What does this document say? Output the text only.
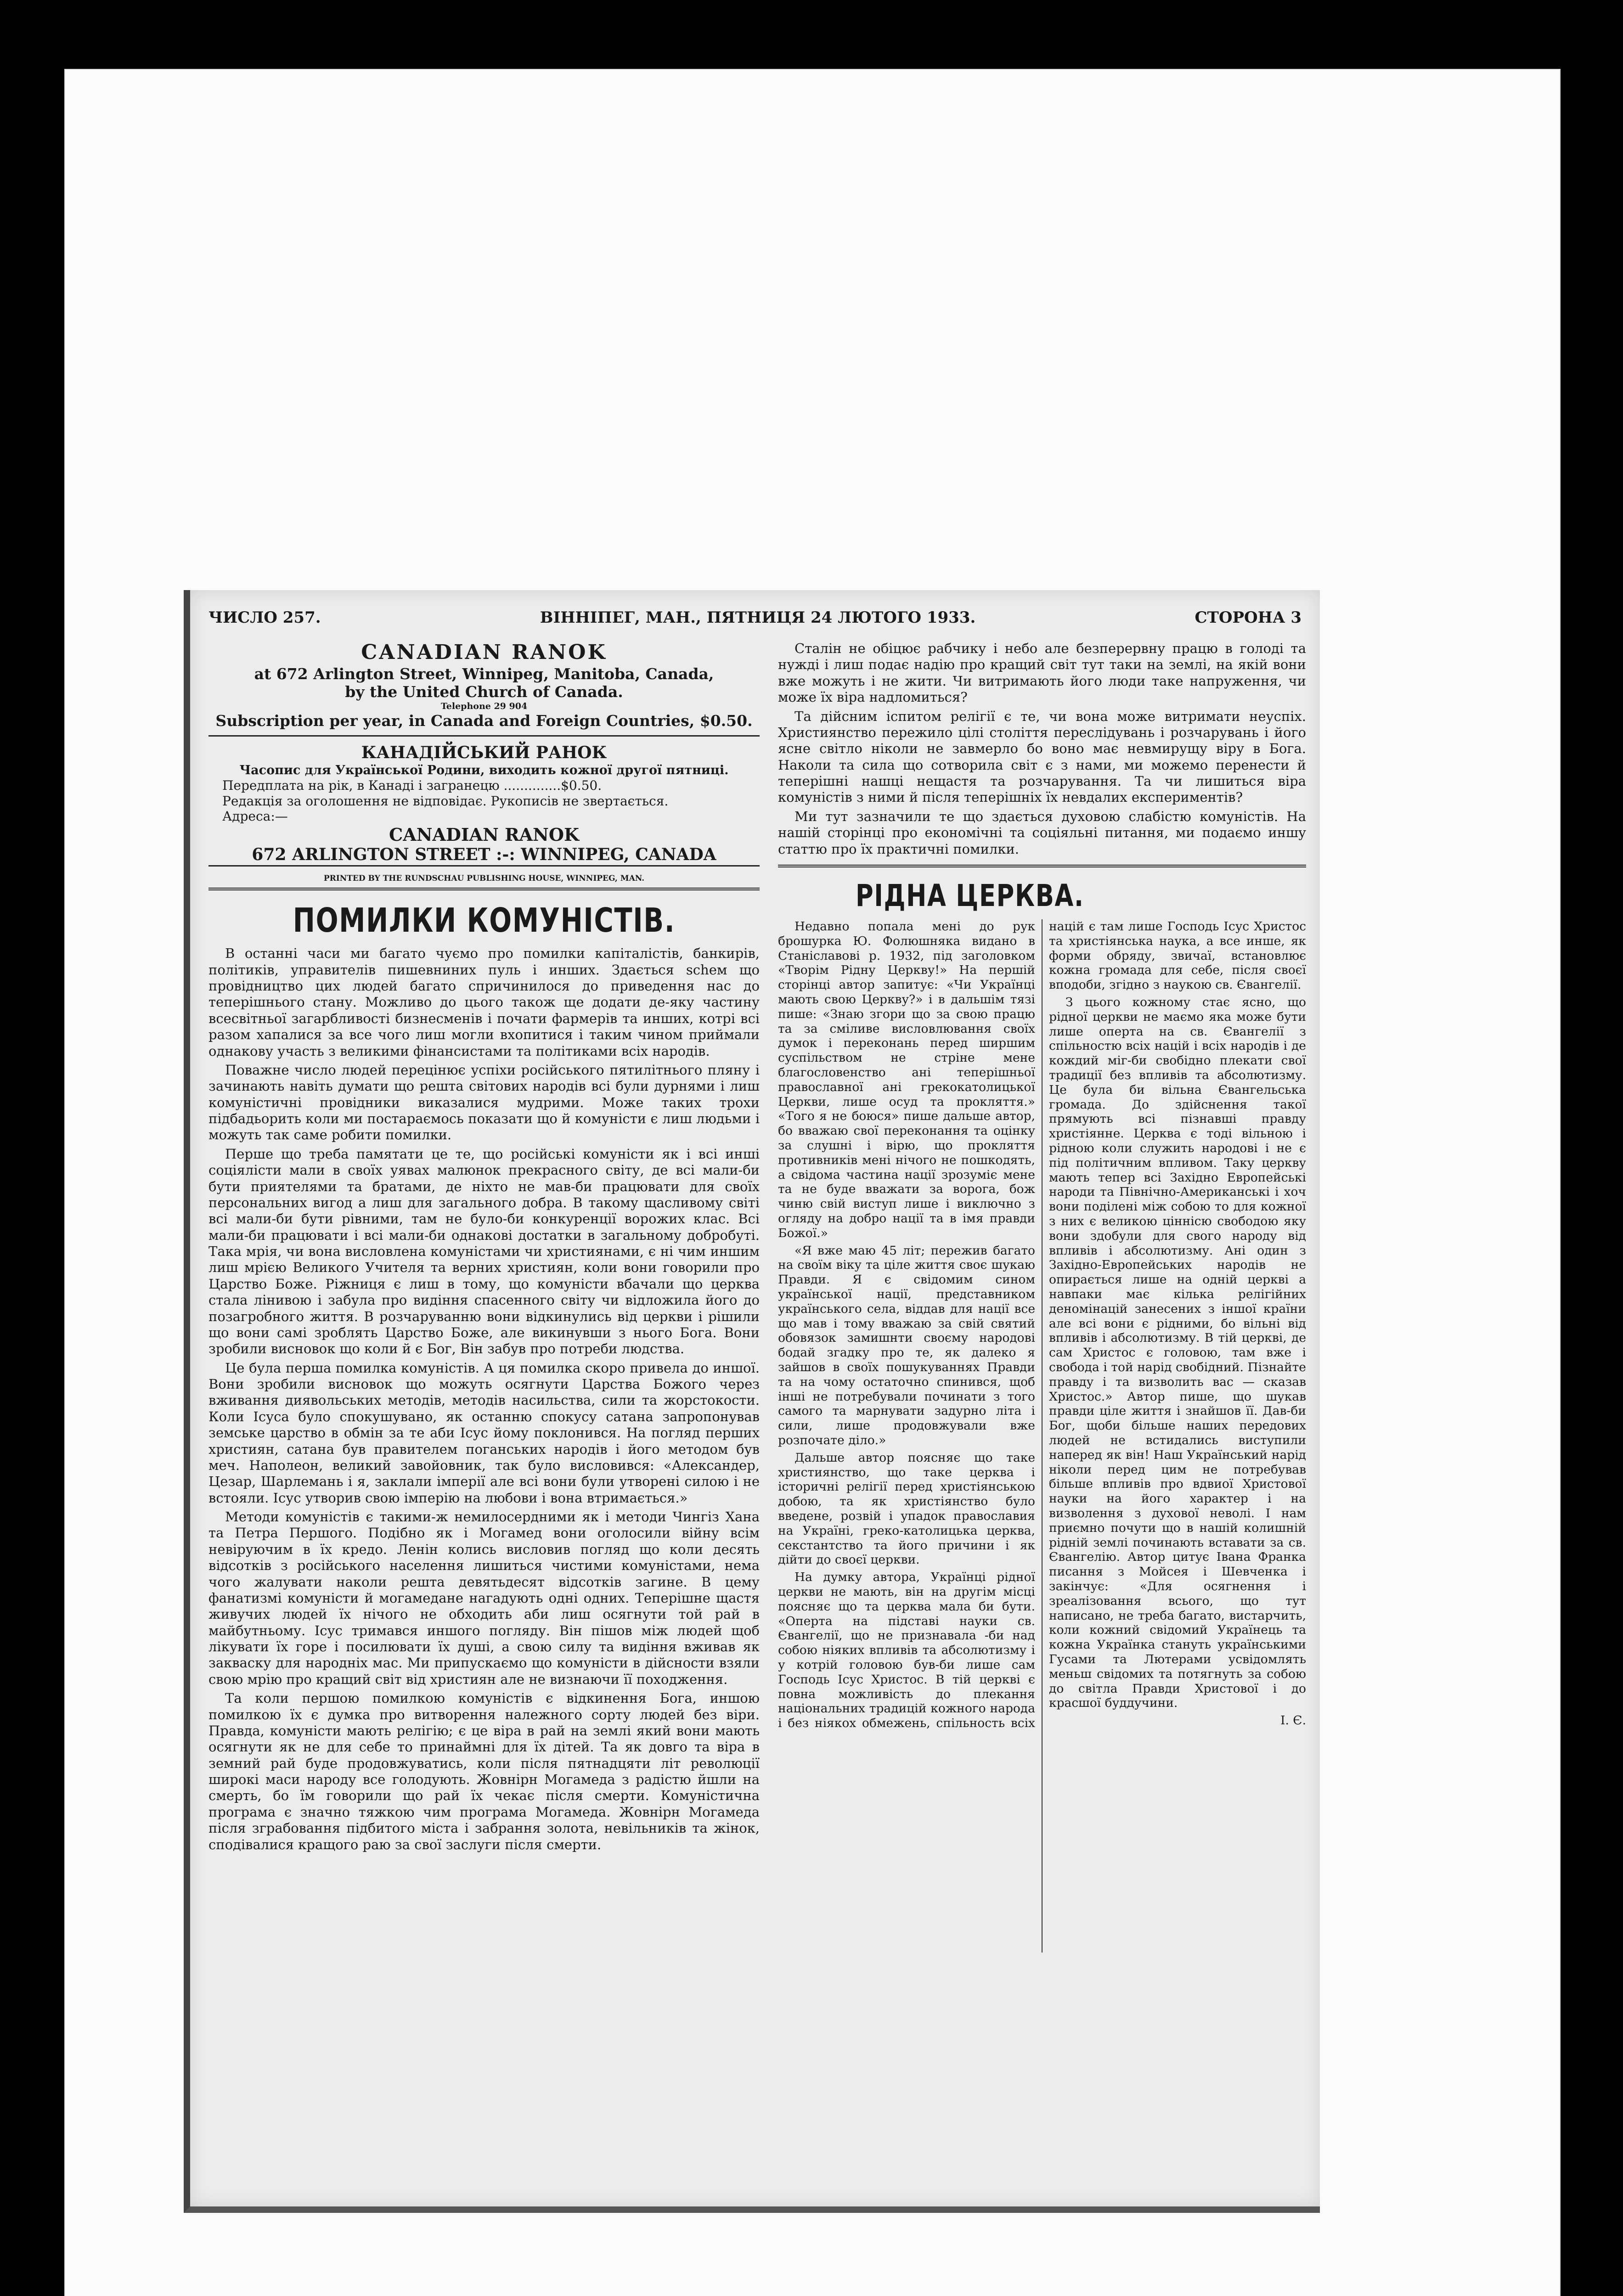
ЧИСЛО 257.	ВІННІПЕГ, МАН., ПЯТНИЦЯ 24 ЛЮТОГО 1933.	СТОРОНА 3
CANADIAN RANOK
at 672 Arlington Street, Winnipeg, Manitoba, Canada,
by the United Church of Canada.
Telephone 29 904
Subscription per year, in Canada and Foreign Countries, $0.50.
КАНАДІЙСЬКИЙ РАНОК
Часопис для Української Родини, виходить кожної другої пятниці.
Передплата на рік, в Канаді і загранецю ..............$0.50.
Редакція за оголошення не відповідає. Рукописів не звертається.
Адреса:—
CANADIAN RANOK
672 ARLINGTON STREET :-: WINNIPEG, CANADA
PRINTED BY THE RUNDSCHAU PUBLISHING HOUSE, WINNIPEG, MAN.
ПОМИЛКИ КОМУНІСТІВ.

В останні часи ми багато чуємо про помилки капіталістів, банкирів, політиків, управителів пишевниних пуль і инших. Здається scheм що провідництво цих людей багато спричинилося до приведення нас до теперішнього стану. Можливо до цього також ще додати де-яку частину всесвітньої загарбливості бизнесменів і почати фармерів та инших, котрі всі разом хапалися за все чого лиш могли вхопитися і таким чином приймали однакову участь з великими фінансистами та політиками всіх народів.

Поважне число людей перецінює успіхи російського пятилітнього пляну і зачинають навіть думати що решта світових народів всі були дурнями і лиш комуністичні провідники виказалися мудрими. Може таких трохи підбадьорить коли ми постараємось показати що й комуністи є лиш людьми і можуть так саме робити помилки.

Перше що треба памятати це те, що російські комуністи як і всі инші соціялісти мали в своїх уявах малюнок прекрасного світу, де всі мали-би бути приятелями та братами, де ніхто не мав-би працювати для своїх персональних вигод а лиш для загального добра. В такому щасливому світі всі мали-би бути рівними, там не було-би конкуренції ворожих клас. Всі мали-би працювати і всі мали-би однакові достатки в загальному добробуті. Така мрія, чи вона висловлена комуністами чи християнами, є ні чим иншим лиш мрією Великого Учителя та верних християн, коли вони говорили про Царство Боже. Ріжниця є лиш в тому, що комуністи вбачали що церква стала лінивою і забула про видіння спасенного світу чи відложила його до позагробного життя. В розчаруванню вони відкинулись від церкви і рішили що вони самі зроблять Царство Боже, але викинувши з нього Бога. Вони зробили висновок що коли й є Бог, Він забув про потреби людства.

Це була перша помилка комуністів. А ця помилка скоро привела до иншої. Вони зробили висновок що можуть осягнути Царства Божого через вживання диявольських методів, методів насильства, сили та жорстокости. Коли Ісуса було спокушувано, як останню спокусу сатана запропонував земське царство в обмін за те аби Ісус йому поклонився. На погляд перших християн, сатана був правителем поганських народів і його методом був меч. Наполеон, великий завойовник, так було висловився: «Александер, Цезар, Шарлемань і я, заклали імперії але всі вони були утворені силою і не встояли. Ісус утворив свою імперію на любови і вона втримається.»

Методи комуністів є такими-ж немилосердними як і методи Чингіз Хана та Петра Першого. Подібно як і Могамед вони оголосили війну всім невіруючим в їх кредо. Ленін колись висловив погляд що коли десять відсотків з російського населення лишиться чистими комуністами, нема чого жалувати наколи решта девятьдесят відсотків загине. В цему фанатизмі комуністи й могамедане нагадують одні одних. Теперішне щастя живучих людей їх нічого не обходить аби лиш осягнути той рай в майбутньому. Ісус тримався иншого погляду. Він пішов між людей щоб лікувати їх горе і посилювати їх душі, а свою силу та видіння вживав як закваску для народніх мас. Ми припускаємо що комуністи в дійсности взяли свою мрію про кращий світ від християн але не визнаючи її походження.

Та коли першою помилкою комуністів є відкинення Бога, иншою помилкою їх є думка про витворення належного сорту людей без віри. Правда, комуністи мають релігію; є це віра в рай на землі який вони мають осягнути як не для себе то принаймні для їх дітей. Та як довго та віра в земний рай буде продовжуватись, коли після пятнадцяти літ революції широкі маси народу все голодують. Жовнірн Могамеда з радістю йшли на смерть, бо їм говорили що рай їх чекає після смерти. Комуністична програма є значно тяжкою чим програма Могамеда. Жовнірн Могамеда після зграбовання підбитого міста і забрання золота, невільників та жінок, сподівалися кращого раю за свої заслуги після смерти.

Сталін не обіцює рабчику і небо але безперервну працю в голоді та нужді і лиш подає надію про кращий світ тут таки на землі, на якій вони вже можуть і не жити. Чи витримають його люди таке напруження, чи може їх віра надломиться?

Та дійсним іспитом релігії є те, чи вона може витримати неуспіх. Християнство пережило цілі століття переслідувань і розчарувань і його ясне світло ніколи не завмерло бо воно має невмирущу віру в Бога. Наколи та сила що сотворила світ є з нами, ми можемо перенести й теперішні нашці нещастя та розчарування. Та чи лишиться віра комуністів з ними й після теперішніх їх невдалих експериментів?

Ми тут зазначили те що здається духовою слабістю комуністів. На нашій сторінці про економічні та соціяльні питання, ми подаємо иншу статтю про їх практичні помилки.

РІДНА ЦЕРКВА.

Недавно попала мені до рук брошурка Ю. Фолюшняка видано в Станіславові р. 1932, під заголовком «Творім Рідну Церкву!» На першій сторінці автор запитує: «Чи Українці мають свою Церкву?» і в дальшім тязі пише: «Знаю згори що за свою працю та за сміливе висловлювання своїх думок і переконань перед ширшим суспільством не стріне мене благословенство ані теперішньої православної ані грекокатолицької Церкви, лише осуд та прокляття.» «Того я не боюся» пише дальше автор, бо вважаю свої переконання та оцінку за слушні і вірю, що прокляття противників мені нічого не пошкодять, а свідома частина нації зрозуміє мене та не буде вважати за ворога, бож чиню свій виступ лише і виключно з огляду на добро нації та в імя правди Божої.»

«Я вже маю 45 літ; пережив багато на своїм віку та ціле життя своє шукаю Правди. Я є свідомим сином української нації, представником українського села, віддав для нації все що мав і тому вважаю за свій святий обовязок замишнти своєму народові бодай згадку про те, як далеко я зайшов в своїх пошукуваннях Правди та на чому остаточно спинився, щоб інші не потребували починати з того самого та марнувати задурно літа і сили, лише продовжували вже розпочате діло.»

Дальше автор поясняє що таке християнство, що таке церква і історичні релігії перед христіянською добою, та як христіянство було введене, розвій і упадок православия на Україні, греко-католицька церква, секстантство та його причини і як дійти до своєї церкви.

На думку автора, Українці рідної церкви не мають, він на другім місці поясняє що та церква мала би бути. «Оперта на підставі науки св. Євангелії, що не признавала -би над собою ніяких впливів та абсолютизму і у котрій головою був-би лише сам Господь Ісус Христос. В тій церкві є повна можливість до плекання національних традицій кожного народа і без ніякох обмежень, спільность всіх націй є там лише Господь Ісус Христос та христіянська наука, а все инше, як форми обряду, звичаї, встановлює кожна громада для себе, після своєї вподоби, згідно з наукою св. Євангелії.

З цього кожному стає ясно, що рідної церкви не маємо яка може бути лише оперта на св. Євангелії з спільностю всіх націй і всіх народів і де кождий міг-би свобідно плекати свої традиції без впливів та абсолютизму. Це була би вільна Євангельська громада. До здійснення такої прямують всі пізнавші правду христіянне. Церква є тоді вільною і рідною коли служить народові і не є під політичним впливом. Таку церкву мають тепер всі Західно Европейські народи та Північно-Американські і хоч вони поділені між собою то для кожної з них є великою ціннісю свободою яку вони здобули для свого народу від впливів і абсолютизму. Ані один з Західно-Европейських народів не опирається лише на одній церкві а навпаки має кілька релігійних деномінацій занесених з іншої країни але всі вони є рідними, бо вільні від впливів і абсолютизму. В тій церкві, де сам Христос є головою, там вже і свобода і той нарід свобідний. Пізнайте правду і та визволить вас — сказав Христос.» Автор пише, що шукав правди ціле життя і знайшов її. Дав-би Бог, щоби більше наших передових людей не встидались виступили наперед як він! Наш Український нарід ніколи перед цим не потребував більше впливів про вдвиої Христової науки на його характер і на визволення з духової неволі. І нам приємно почути що в нашій колишній рідній землі починають вставати за св. Євангелію. Автор цитує Івана Франка писання з Мойсея і Шевченка і закінчує: «Для осягнення і зреалізовання всього, що тут написано, не треба багато, вистарчить, коли кожний свідомий Українець та кожна Українка стануть українськими Гусами та Лютерами усвідомлять меньш свідомих та потягнуть за собою до світла Правди Христової і до красшої буддучини.

І. Є.
